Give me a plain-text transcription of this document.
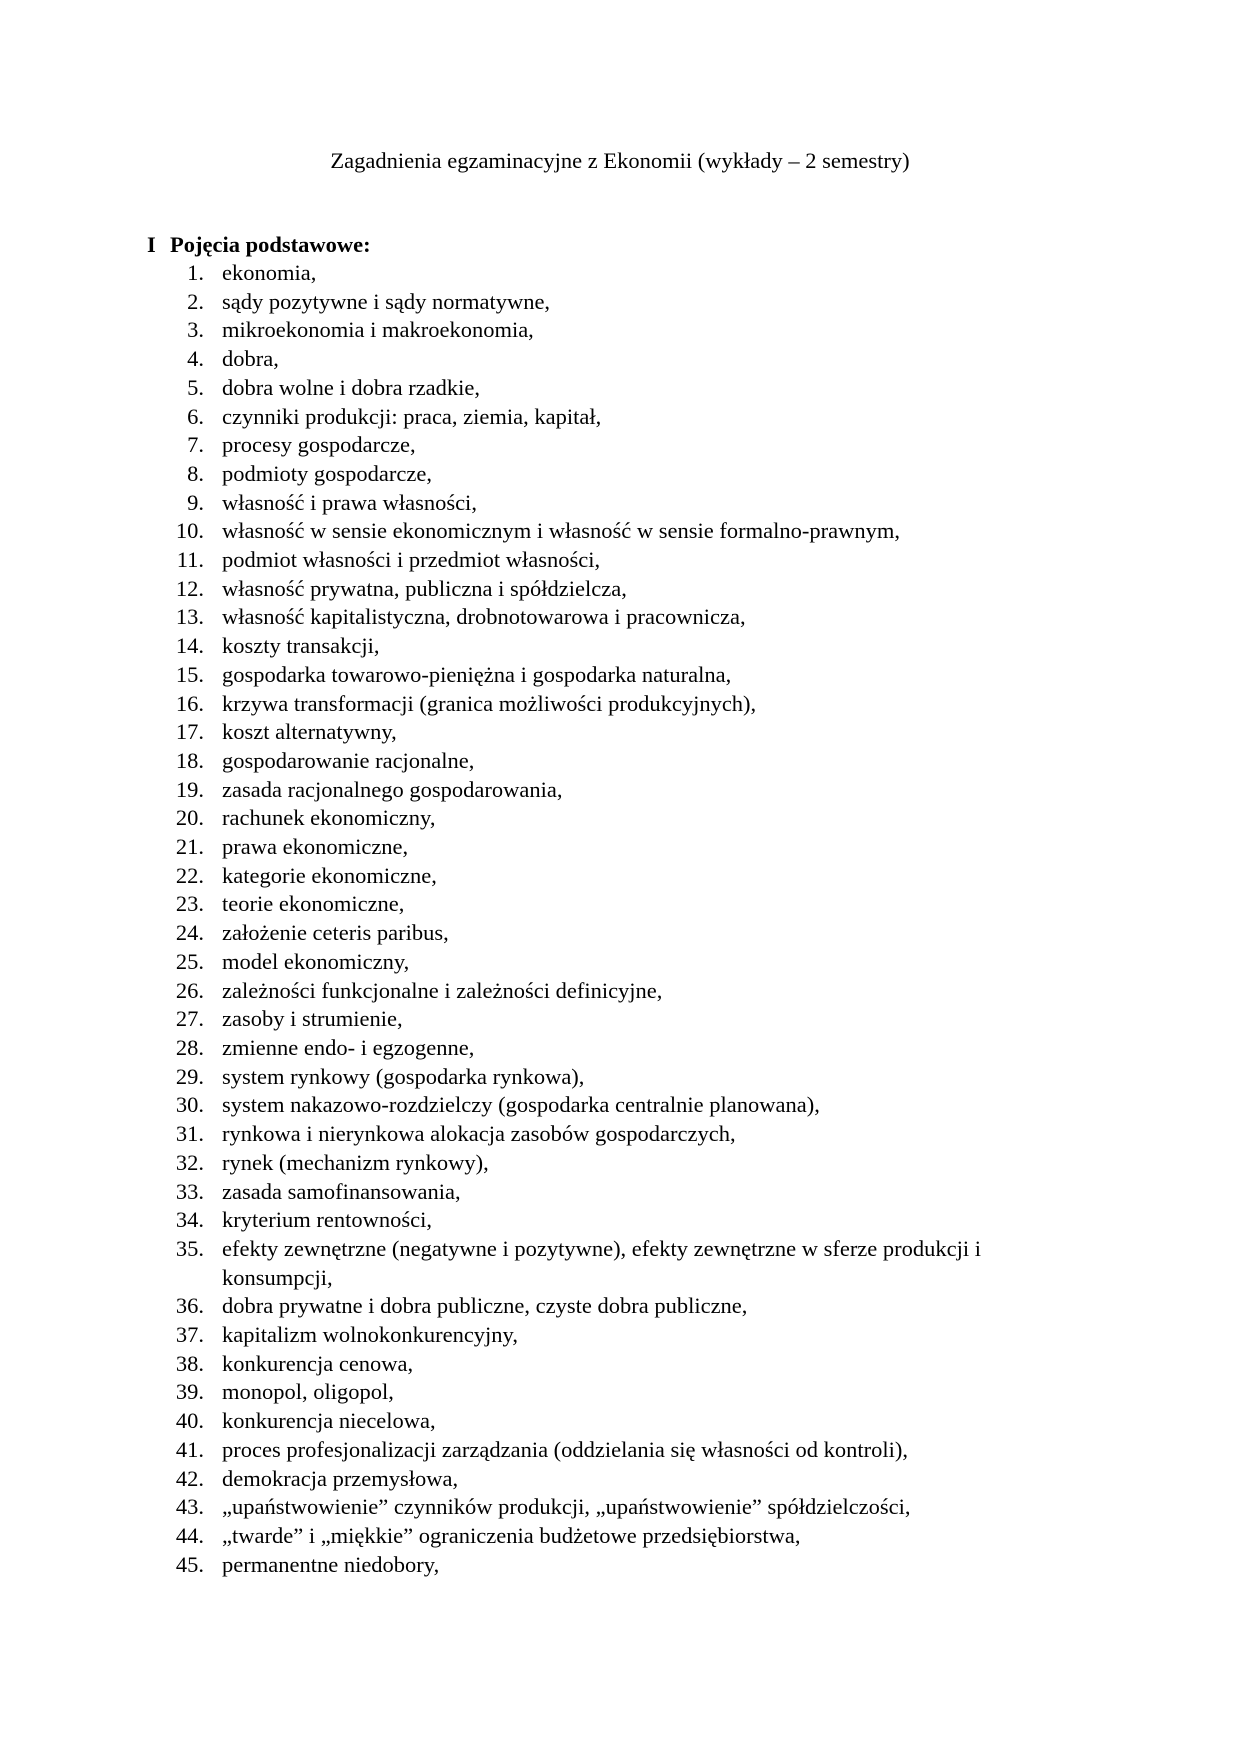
Zagadnienia egzaminacyjne z Ekonomii (wykłady – 2 semestry)
I Pojęcia podstawowe:
1. ekonomia,
2. sądy pozytywne i sądy normatywne,
3. mikroekonomia i makroekonomia,
4. dobra,
5. dobra wolne i dobra rzadkie,
6. czynniki produkcji: praca, ziemia, kapitał,
7. procesy gospodarcze,
8. podmioty gospodarcze,
9. własność i prawa własności,
10. własność w sensie ekonomicznym i własność w sensie formalno-prawnym,
11. podmiot własności i przedmiot własności,
12. własność prywatna, publiczna i spółdzielcza,
13. własność kapitalistyczna, drobnotowarowa i pracownicza,
14. koszty transakcji,
15. gospodarka towarowo-pieniężna i gospodarka naturalna,
16. krzywa transformacji (granica możliwości produkcyjnych),
17. koszt alternatywny,
18. gospodarowanie racjonalne,
19. zasada racjonalnego gospodarowania,
20. rachunek ekonomiczny,
21. prawa ekonomiczne,
22. kategorie ekonomiczne,
23. teorie ekonomiczne,
24. założenie ceteris paribus,
25. model ekonomiczny,
26. zależności funkcjonalne i zależności definicyjne,
27. zasoby i strumienie,
28. zmienne endo- i egzogenne,
29. system rynkowy (gospodarka rynkowa),
30. system nakazowo-rozdzielczy (gospodarka centralnie planowana),
31. rynkowa i nierynkowa alokacja zasobów gospodarczych,
32. rynek (mechanizm rynkowy),
33. zasada samofinansowania,
34. kryterium rentowności,
35. efekty zewnętrzne (negatywne i pozytywne), efekty zewnętrzne w sferze produkcji i konsumpcji,
36. dobra prywatne i dobra publiczne, czyste dobra publiczne,
37. kapitalizm wolnokonkurencyjny,
38. konkurencja cenowa,
39. monopol, oligopol,
40. konkurencja niecelowa,
41. proces profesjonalizacji zarządzania (oddzielania się własności od kontroli),
42. demokracja przemysłowa,
43. „upaństwowienie” czynników produkcji, „upaństwowienie” spółdzielczości,
44. „twarde” i „miękkie” ograniczenia budżetowe przedsiębiorstwa,
45. permanentne niedobory,
